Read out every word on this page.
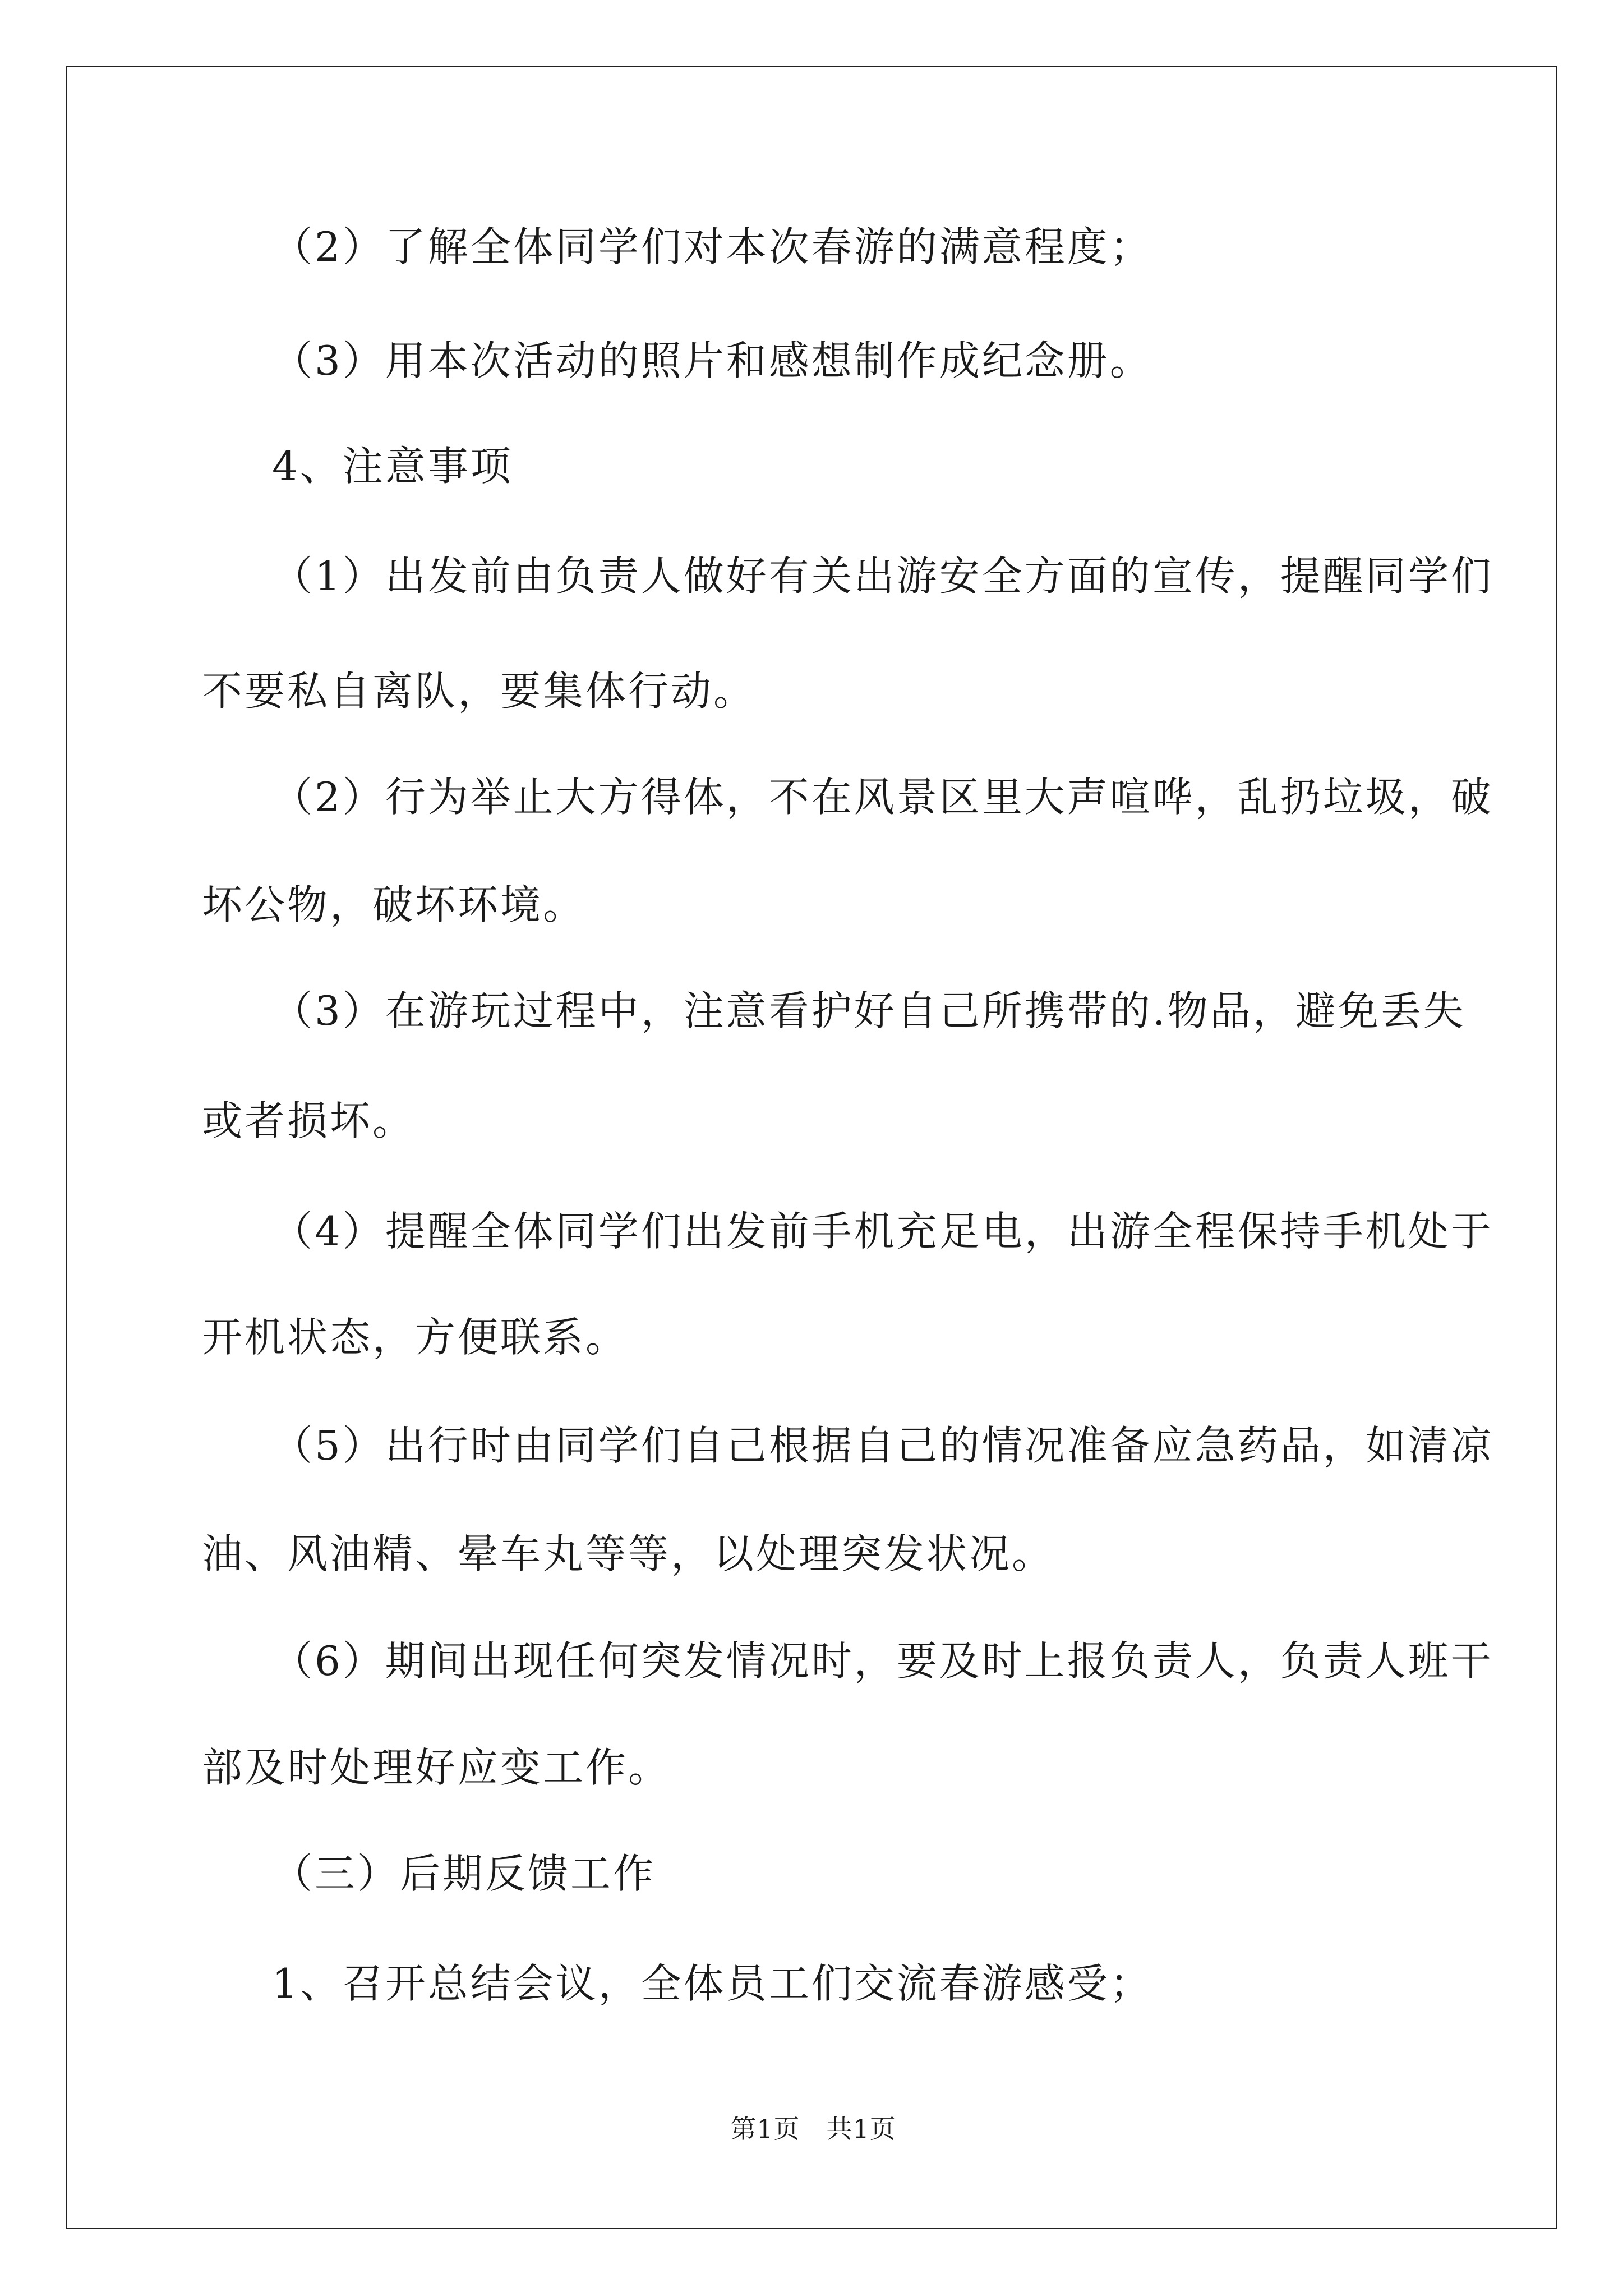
（2）了解全体同学们对本次春游的满意程度；
（3）用本次活动的照片和感想制作成纪念册。
4、注意事项
（1）出发前由负责人做好有关出游安全方面的宣传，提醒同学们
不要私自离队，要集体行动。
（2）行为举止大方得体，不在风景区里大声喧哗，乱扔垃圾，破
坏公物，破坏环境。
（3）在游玩过程中，注意看护好自己所携带的.物品，避免丢失
或者损坏。
（4）提醒全体同学们出发前手机充足电，出游全程保持手机处于
开机状态，方便联系。
（5）出行时由同学们自己根据自己的情况准备应急药品，如清凉
油、风油精、晕车丸等等，以处理突发状况。
（6）期间出现任何突发情况时，要及时上报负责人，负责人班干
部及时处理好应变工作。
（三）后期反馈工作
1、召开总结会议，全体员工们交流春游感受；
第1页　共1页
